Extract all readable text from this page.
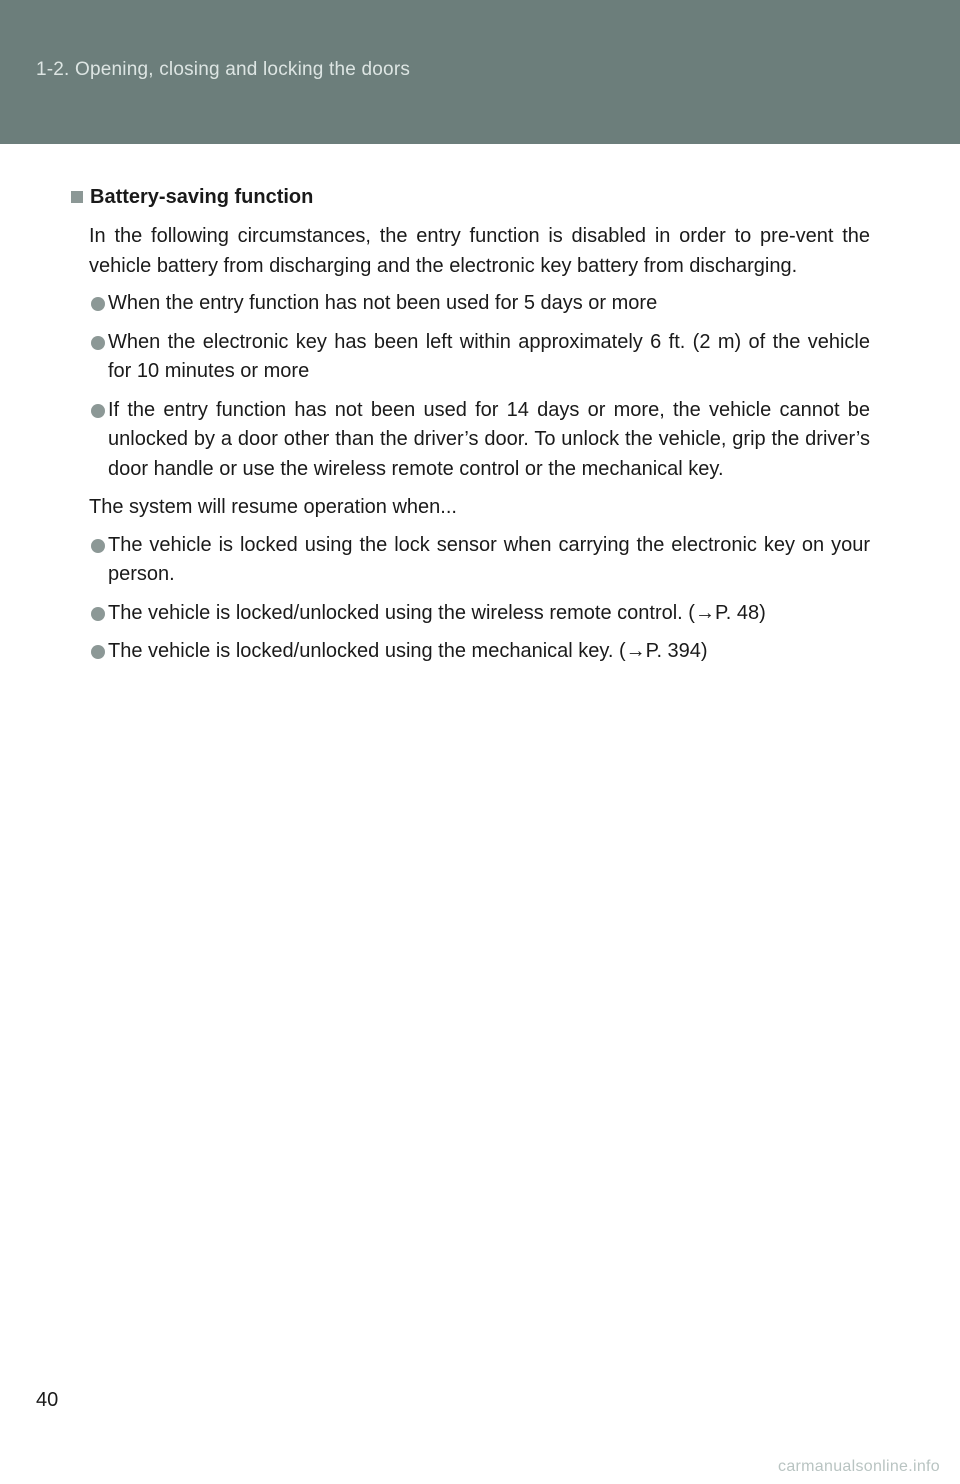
1-2. Opening, closing and locking the doors
Battery-saving function
In the following circumstances, the entry function is disabled in order to pre-vent the vehicle battery from discharging and the electronic key battery from discharging.
When the entry function has not been used for 5 days or more
When the electronic key has been left within approximately 6 ft. (2 m) of the vehicle for 10 minutes or more
If the entry function has not been used for 14 days or more, the vehicle cannot be unlocked by a door other than the driver’s door. To unlock the vehicle, grip the driver’s door handle or use the wireless remote control or the mechanical key.
The system will resume operation when...
The vehicle is locked using the lock sensor when carrying the electronic key on your person.
The vehicle is locked/unlocked using the wireless remote control. (→P. 48)
The vehicle is locked/unlocked using the mechanical key. (→P. 394)
40
carmanualsonline.info
